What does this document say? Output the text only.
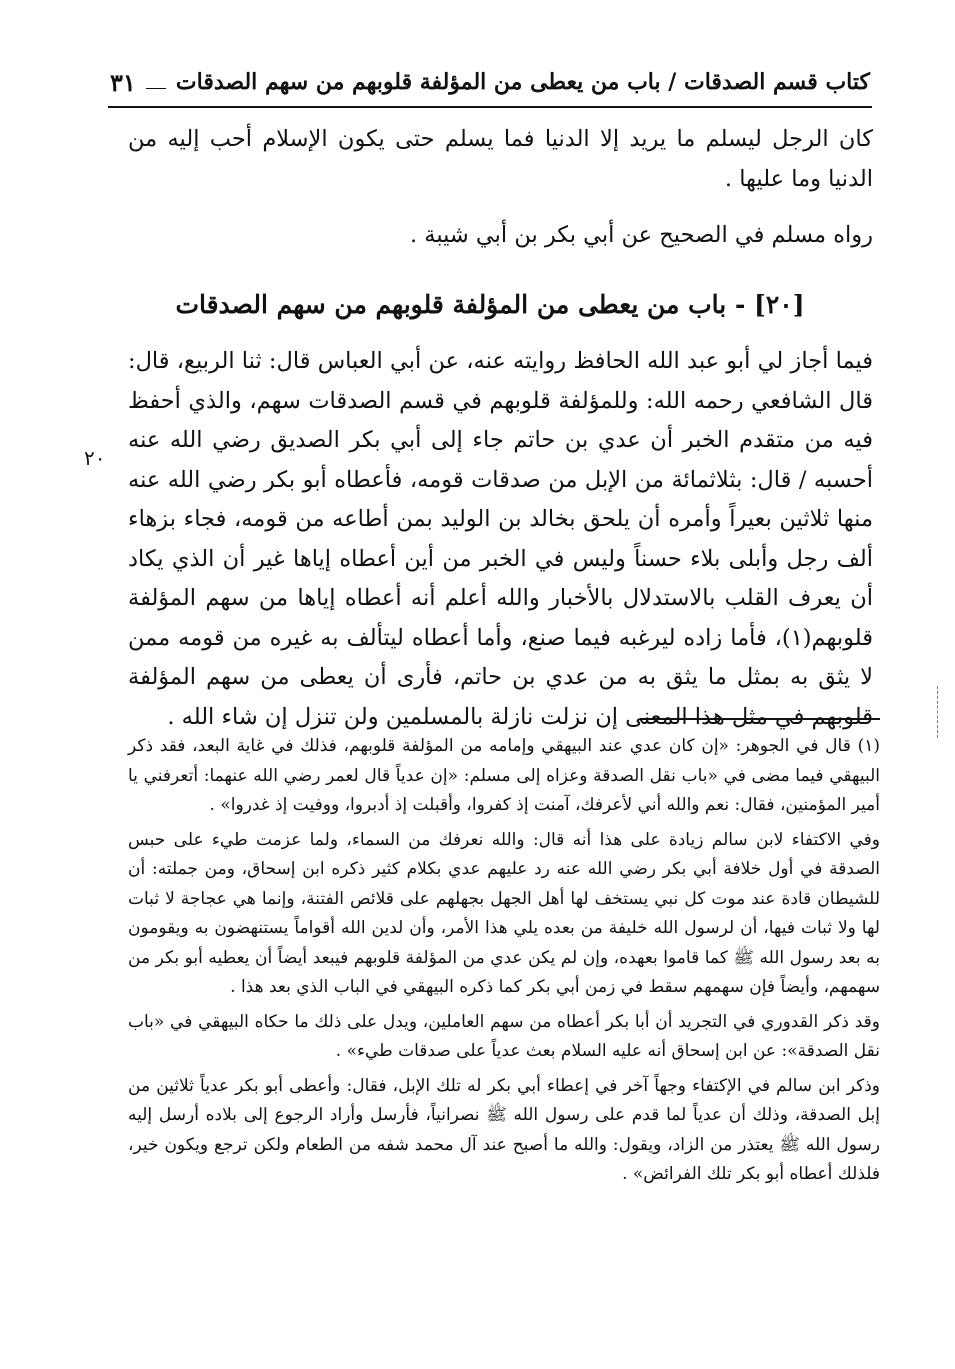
كتاب قسم الصدقات / باب من يعطى من المؤلفة قلوبهم من سهم الصدقات
٣١
كان الرجل ليسلم ما يريد إلا الدنيا فما يسلم حتى يكون الإسلام أحب إليه من الدنيا وما عليها .
رواه مسلم في الصحيح عن أبي بكر بن أبي شيبة .
[٢٠] - باب من يعطى من المؤلفة قلوبهم من سهم الصدقات
فيما أجاز لي أبو عبد الله الحافظ روايته عنه، عن أبي العباس قال: ثنا الربيع، قال: قال الشافعي رحمه الله: وللمؤلفة قلوبهم في قسم الصدقات سهم، والذي أحفظ فيه من متقدم الخبر أن عدي بن حاتم جاء إلى أبي بكر الصديق رضي الله عنه أحسبه / قال: بثلاثمائة من الإبل من صدقات قومه، فأعطاه أبو بكر رضي الله عنه منها ثلاثين بعيراً وأمره أن يلحق بخالد بن الوليد بمن أطاعه من قومه، فجاء بزهاء ألف رجل وأبلى بلاء حسناً وليس في الخبر من أين أعطاه إياها غير أن الذي يكاد أن يعرف القلب بالاستدلال بالأخبار والله أعلم أنه أعطاه إياها من سهم المؤلفة قلوبهم(١)، فأما زاده ليرغبه فيما صنع، وأما أعطاه ليتألف به غيره من قومه ممن لا يثق به بمثل ما يثق به من عدي بن حاتم، فأرى أن يعطى من سهم المؤلفة قلوبهم في مثل هذا المعنى إن نزلت نازلة بالمسلمين ولن تنزل إن شاء الله .
٢٠

(١) قال في الجوهر: «إن كان عدي عند البيهقي وإمامه من المؤلفة قلوبهم، فذلك في غاية البعد، فقد ذكر البيهقي فيما مضى في «باب نقل الصدقة وعزاه إلى مسلم: «إن عدياً قال لعمر رضي الله عنهما: أتعرفني يا أمير المؤمنين، فقال: نعم والله أني لأعرفك، آمنت إذ كفروا، وأقبلت إذ أدبروا، ووفيت إذ غدروا» .

وفي الاكتفاء لابن سالم زيادة على هذا أنه قال: والله نعرفك من السماء، ولما عزمت طيء على حبس الصدقة في أول خلافة أبي بكر رضي الله عنه رد عليهم عدي بكلام كثير ذكره ابن إسحاق، ومن جملته: أن للشيطان قادة عند موت كل نبي يستخف لها أهل الجهل بجهلهم على قلائص الفتنة، وإنما هي عجاجة لا ثبات لها ولا ثبات فيها، أن لرسول الله خليفة من بعده يلي هذا الأمر، وأن لدين الله أقواماً يستنهضون به ويقومون به بعد رسول الله ﷺ كما قاموا بعهده، وإن لم يكن عدي من المؤلفة قلوبهم فيبعد أيضاً أن يعطيه أبو بكر من سهمهم، وأيضاً فإن سهمهم سقط في زمن أبي بكر كما ذكره البيهقي في الباب الذي بعد هذا .

وقد ذكر القدوري في التجريد أن أبا بكر أعطاه من سهم العاملين، ويدل على ذلك ما حكاه البيهقي في «باب نقل الصدقة»: عن ابن إسحاق أنه عليه السلام بعث عدياً على صدقات طيء» .

وذكر ابن سالم في الإكتفاء وجهاً آخر في إعطاء أبي بكر له تلك الإبل، فقال: وأعطى أبو بكر عدياً ثلاثين من إبل الصدقة، وذلك أن عدياً لما قدم على رسول الله ﷺ نصرانياً، فأرسل وأراد الرجوع إلى بلاده أرسل إليه رسول الله ﷺ يعتذر من الزاد، ويقول: والله ما أصبح عند آل محمد شفه من الطعام ولكن ترجع ويكون خير، فلذلك أعطاه أبو بكر تلك الفرائض» .
